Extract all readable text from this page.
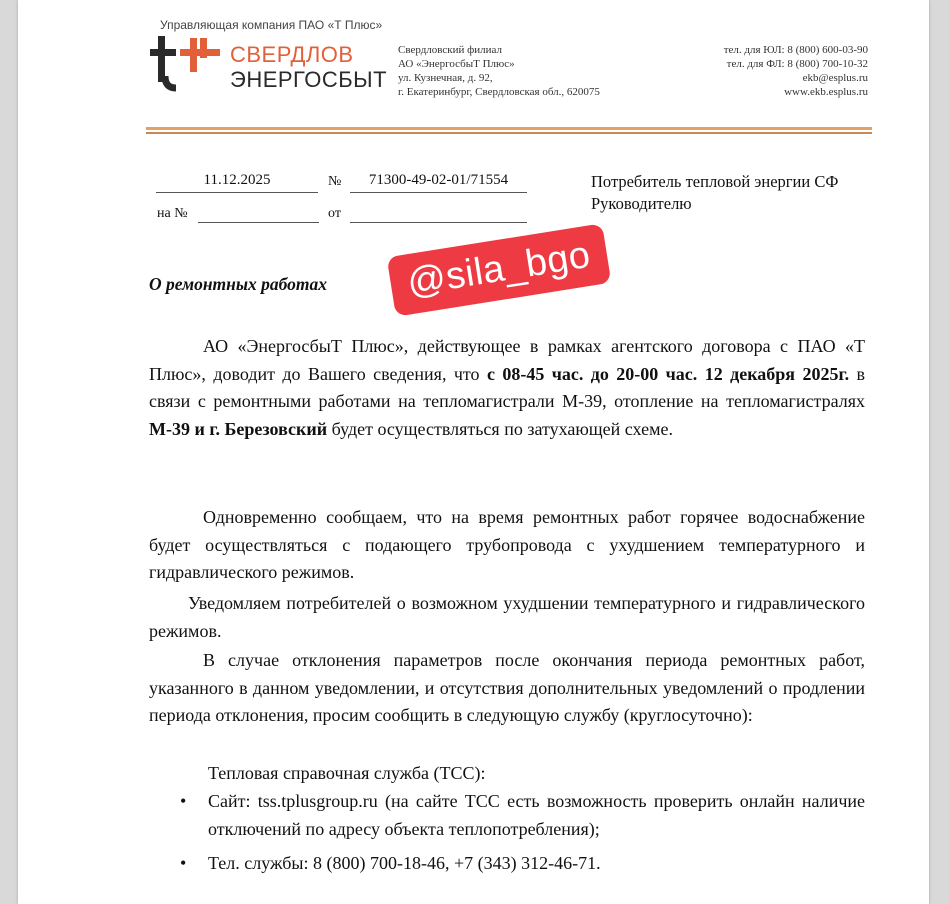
Управляющая компания ПАО «Т Плюс»
СВЕРДЛОВ
ЭНЕРГОСБЫТ
Свердловский филиал
АО «ЭнергосбыТ Плюс»
ул. Кузнечная, д. 92,
г. Екатеринбург, Свердловская обл., 620075
тел. для ЮЛ: 8 (800) 600-03-90
тел. для ФЛ: 8 (800) 700-10-32
ekb@esplus.ru
www.ekb.esplus.ru
11.12.2025	№	71300-49-02-01/71554
на №	от
Потребитель тепловой энергии СФ
Руководителю
О ремонтных работах
АО «ЭнергосбыТ Плюс», действующее в рамках агентского договора с ПАО «Т Плюс», доводит до Вашего сведения, что с 08-45 час. до 20-00 час. 12 декабря 2025г. в связи с ремонтными работами на тепломагистрали М-39, отопление на тепломагистралях М-39 и г. Березовский будет осуществляться по затухающей схеме.
Одновременно сообщаем, что на время ремонтных работ горячее водоснабжение будет осуществляться с подающего трубопровода с ухудшением температурного и гидравлического режимов.
Уведомляем потребителей о возможном ухудшении температурного и гидравлического режимов.
В случае отклонения параметров после окончания периода ремонтных работ, указанного в данном уведомлении, и отсутствия дополнительных уведомлений о продлении периода отклонения, просим сообщить в следующую службу (круглосуточно):
Тепловая справочная служба (ТСС):
• Сайт: tss.tplusgroup.ru (на сайте ТСС есть возможность проверить онлайн наличие отключений по адресу объекта теплопотребления);
• Тел. службы: 8 (800) 700-18-46, +7 (343) 312-46-71.
@sila_bgo
